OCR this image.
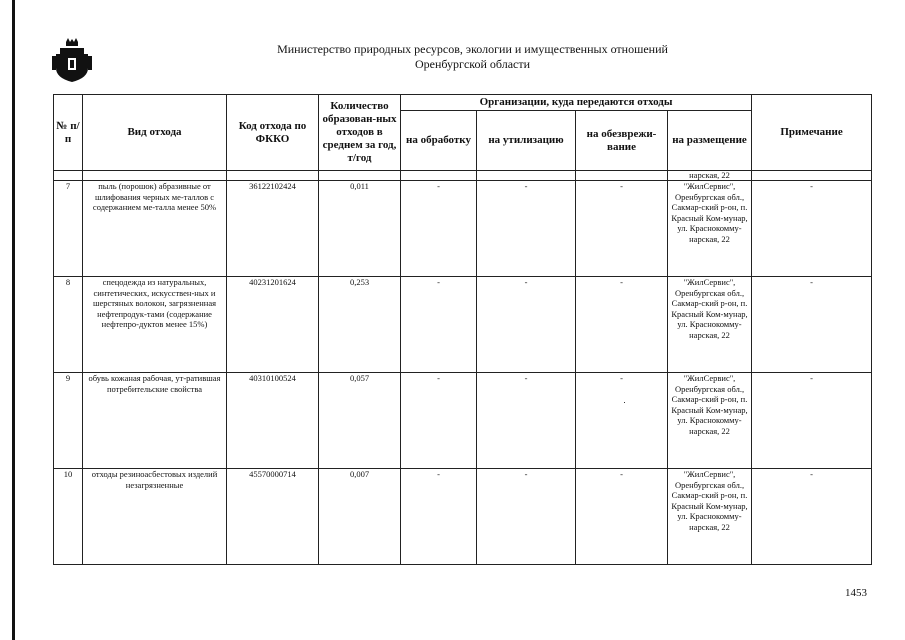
Министерство природных ресурсов, экологии и имущественных отношений
Оренбургской области
№ п/п	Вид отхода	Код отхода по ФККО	Количество образован-ных отходов в среднем за год, т/год	Организации, куда передаются отходы				Примечание
				на обработку	на утилизацию	на обезврежи-вание	на размещение	
							нарская, 22	
7	пыль (порошок) абразивные от шлифования черных ме-таллов с содержанием ме-талла менее 50%	36122102424	0,011	-	-	-	"ЖилСервис", Оренбургская обл., Сакмар-ский р-он, п. Красный Ком-мунар, ул. Краснокомму-нарская, 22	-
8	спецодежда из натуральных, синтетических, искусствен-ных и шерстяных волокон, загрязненная нефтепродук-тами (содержание нефтепро-дуктов менее 15%)	40231201624	0,253	-	-	-	"ЖилСервис", Оренбургская обл., Сакмар-ский р-он, п. Красный Ком-мунар, ул. Краснокомму-нарская, 22	-
9	обувь кожаная рабочая, ут-ратившая потребительские свойства	40310100524	0,057	-	-	-	"ЖилСервис", Оренбургская обл., Сакмар-ский р-он, п. Красный Ком-мунар, ул. Краснокомму-нарская, 22	-
10	отходы резиноасбестовых изделий незагрязненные	45570000714	0,007	-	-	-	"ЖилСервис", Оренбургская обл., Сакмар-ский р-он, п. Красный Ком-мунар, ул. Краснокомму-нарская, 22	-
1453
